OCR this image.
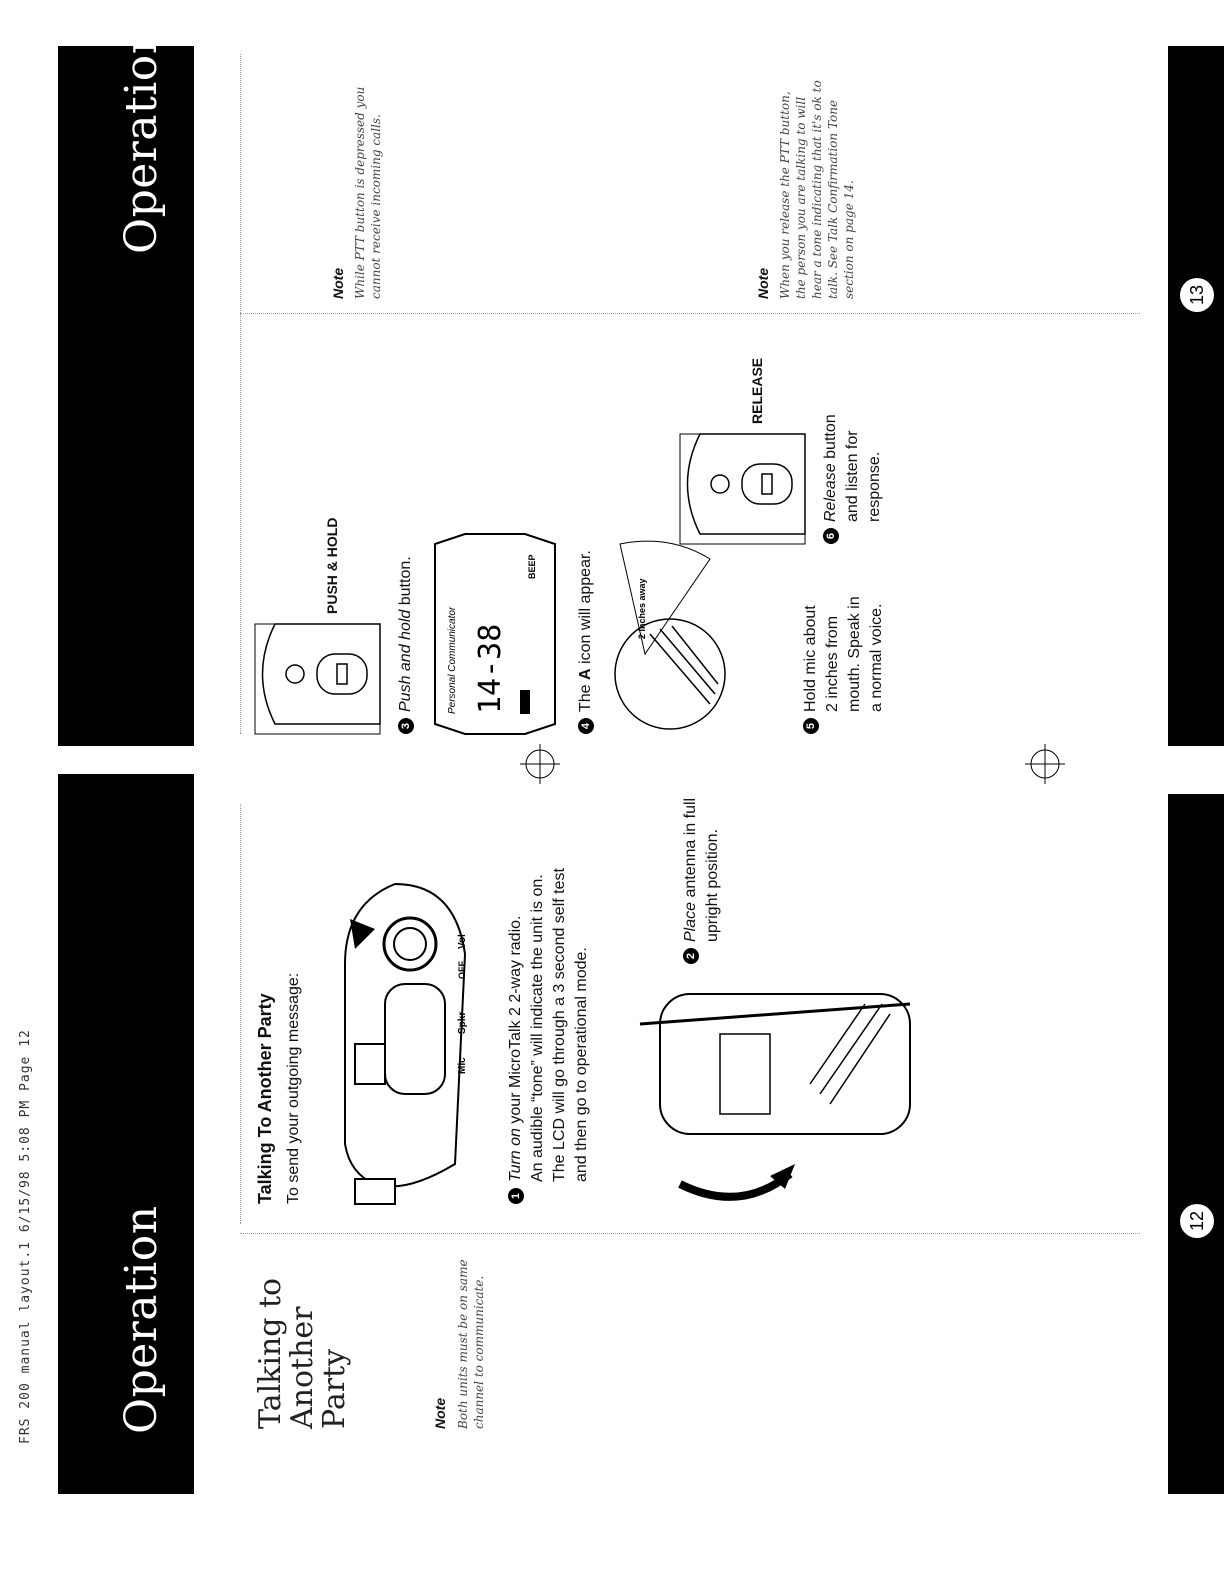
FRS 200 manual layout.1 6/15/98 5:08 PM Page 12 Operation
Operation
12
13
Talking to Another Party	Note Both units must be on same channel to communicate.
Talking To Another Party To send your outgoing message:	Mic
Spkr
OFF
Vol
1Turn on your MicroTalk 2 2-way radio. An audible “tone” will indicate the unit is on. The LCD will go through a 3 second self test and then go to operational mode.	2Place antenna in full upright position.
PUSH & HOLD
3Push and hold button.
Personal Communicator 14-38
BEEP
4The A icon will appear.	2 inches away
5Hold mic about 2 inches from mouth. Speak in a normal voice.
RELEASE
6Release button and listen for response.
Note While PTT button is depressed you cannot receive incoming calls.	Note When you release the PTT button, the person you are talking to will hear a tone indicating that it's ok to talk. See Talk Confirmation Tone section on page 14.
